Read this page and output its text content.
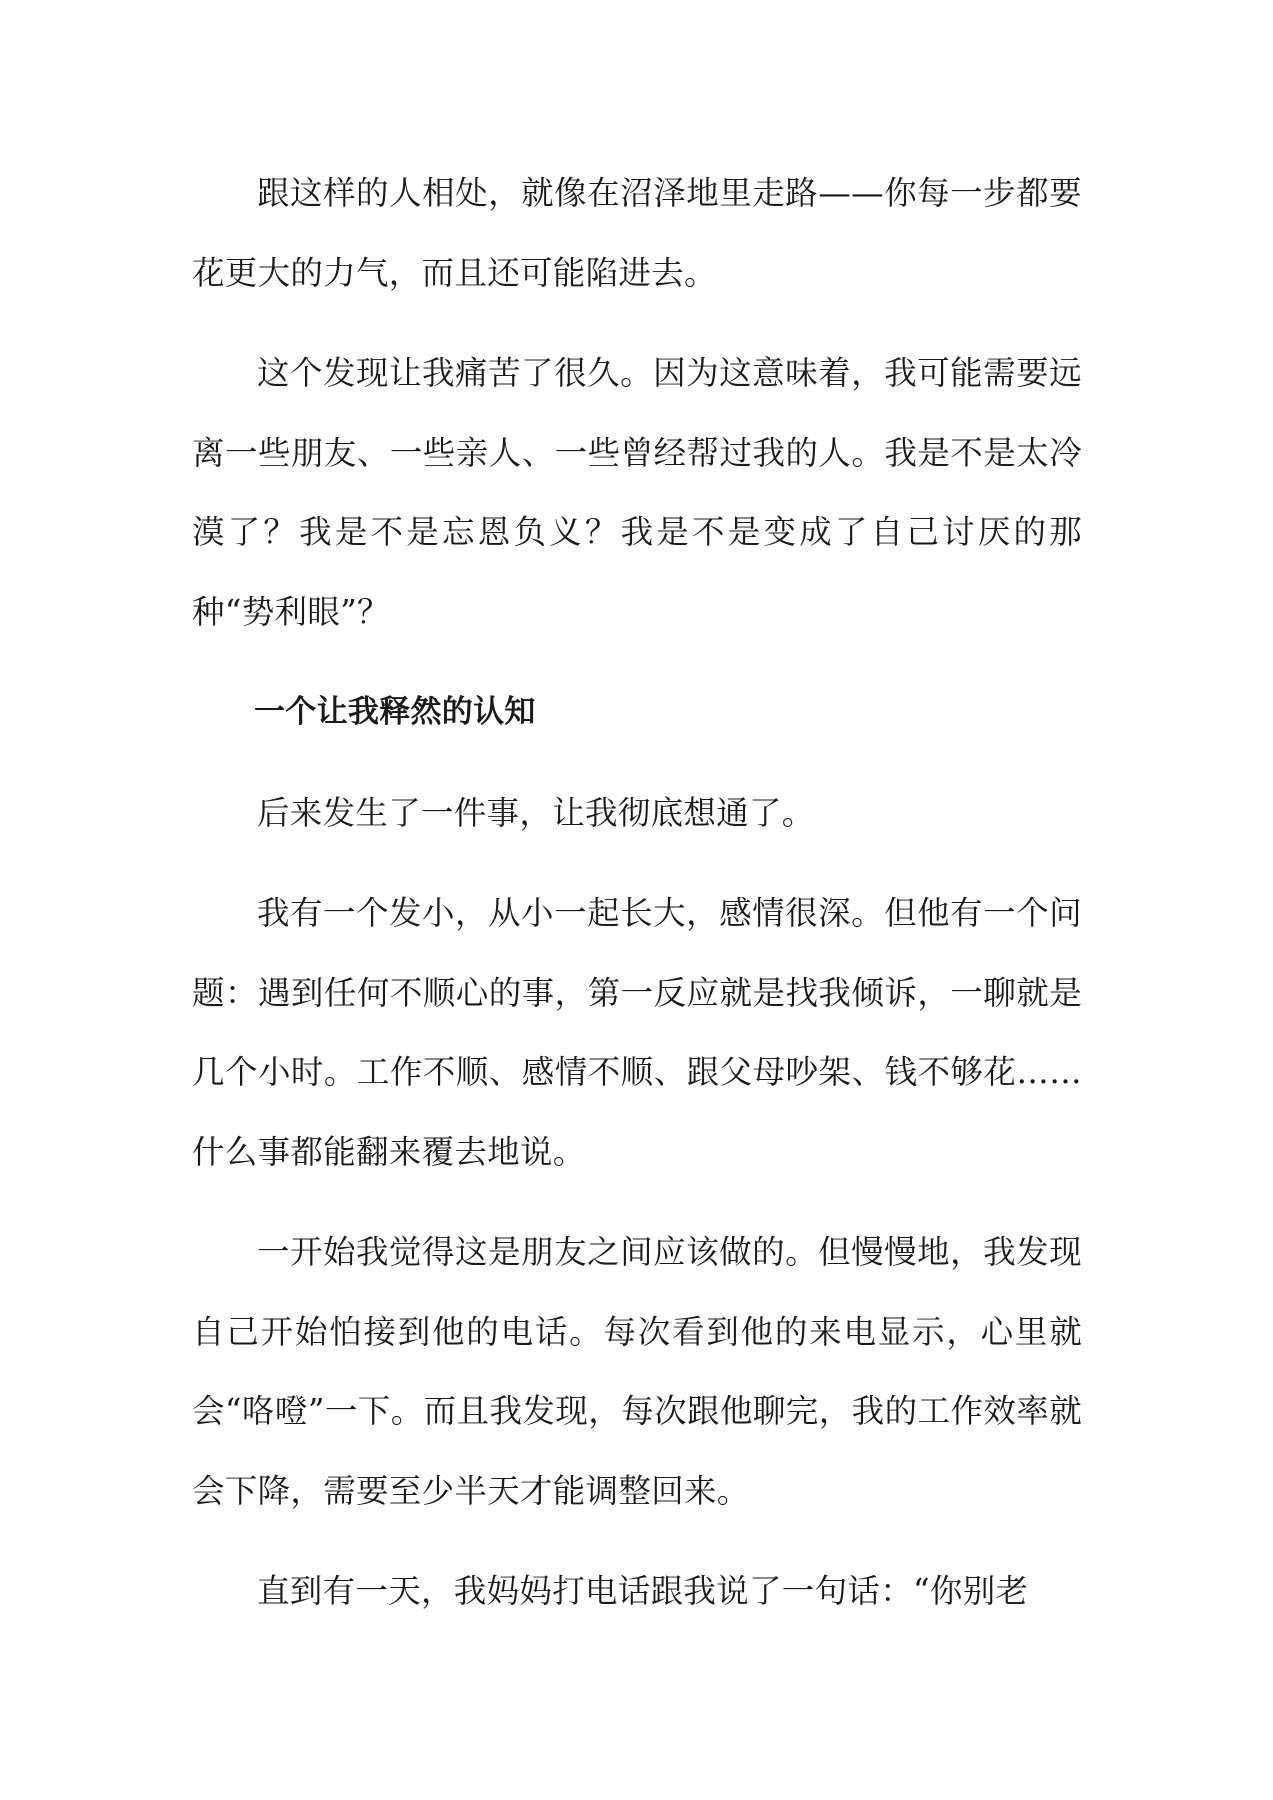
跟这样的人相处，就像在沼泽地里走路——你每一步都要花更大的力气，而且还可能陷进去。

这个发现让我痛苦了很久。因为这意味着，我可能需要远离一些朋友、一些亲人、一些曾经帮过我的人。我是不是太冷漠了？我是不是忘恩负义？我是不是变成了自己讨厌的那种“势利眼”？

一个让我释然的认知

后来发生了一件事，让我彻底想通了。

我有一个发小，从小一起长大，感情很深。但他有一个问题：遇到任何不顺心的事，第一反应就是找我倾诉，一聊就是几个小时。工作不顺、感情不顺、跟父母吵架、钱不够花……什么事都能翻来覆去地说。

一开始我觉得这是朋友之间应该做的。但慢慢地，我发现自己开始怕接到他的电话。每次看到他的来电显示，心里就会“咯噔”一下。而且我发现，每次跟他聊完，我的工作效率就会下降，需要至少半天才能调整回来。

直到有一天，我妈妈打电话跟我说了一句话：“你别老
